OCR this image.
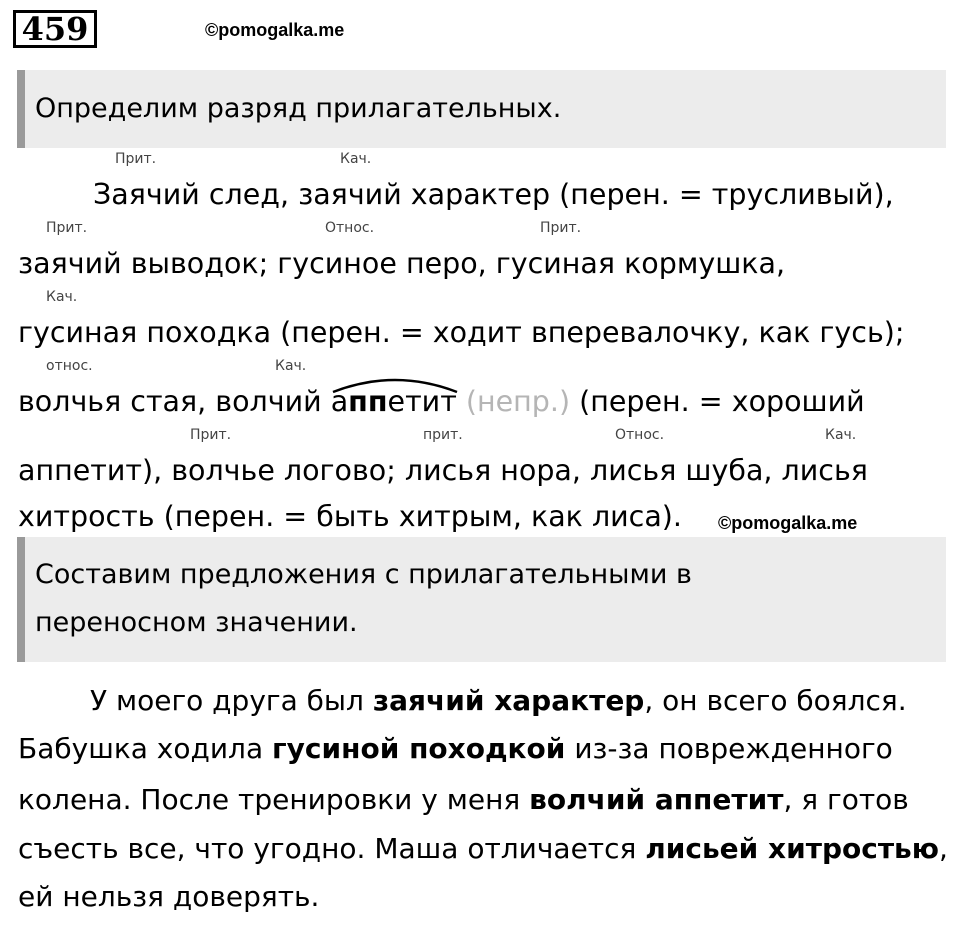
459	©pomogalka.me
Определим разряд прилагательных.
Прит.	Кач.
Заячий след, заячий характер (перен. = трусливый),
Прит.	Относ.	Прит.
заячий выводок; гусиное перо, гусиная кормушка,
Кач.
гусиная походка (перен. = ходит вперевалочку, как гусь);
относ.	Кач.
волчья стая, волчий аппетит (непр.) (перен. = хороший
Прит.	прит.	Относ.	Кач.
аппетит), волчье логово; лисья нора, лисья шуба, лисья
хитрость (перен. = быть хитрым, как лиса). ©pomogalka.me
Составим предложения с прилагательными в
переносном значении.
У моего друга был заячий характер, он всего боялся.
Бабушка ходила гусиной походкой из-за поврежденного
колена. После тренировки у меня волчий аппетит, я готов
съесть все, что угодно. Маша отличается лисьей хитростью,
ей нельзя доверять.
